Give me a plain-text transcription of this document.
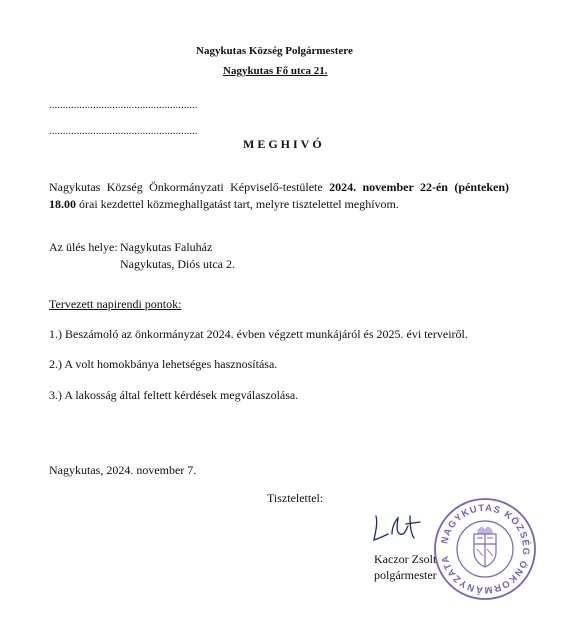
Nagykutas Község Polgármestere
Nagykutas Fő utca 21.
......................................................
......................................................
MEGHIVÓ
Nagykutas Község Önkormányzati Képviselő-testülete 2024. november 22-én (pénteken) 18.00 órai kezdettel közmeghallgatást tart, melyre tisztelettel meghívom.
Az ülés helye: Nagykutas Faluház
Nagykutas, Diós utca 2.
Tervezett napirendi pontok:
1.) Beszámoló az önkormányzat 2024. évben végzett munkájáról és 2025. évi terveiről.
2.) A volt homokbánya lehetséges hasznosítása.
3.) A lakosság által feltett kérdések megválaszolása.
Nagykutas, 2024. november 7.
Tisztelettel:
Kaczor Zsolt
polgármester
NAGYKUTAS KÖZSÉG ÖNKORMÁNYZATA
